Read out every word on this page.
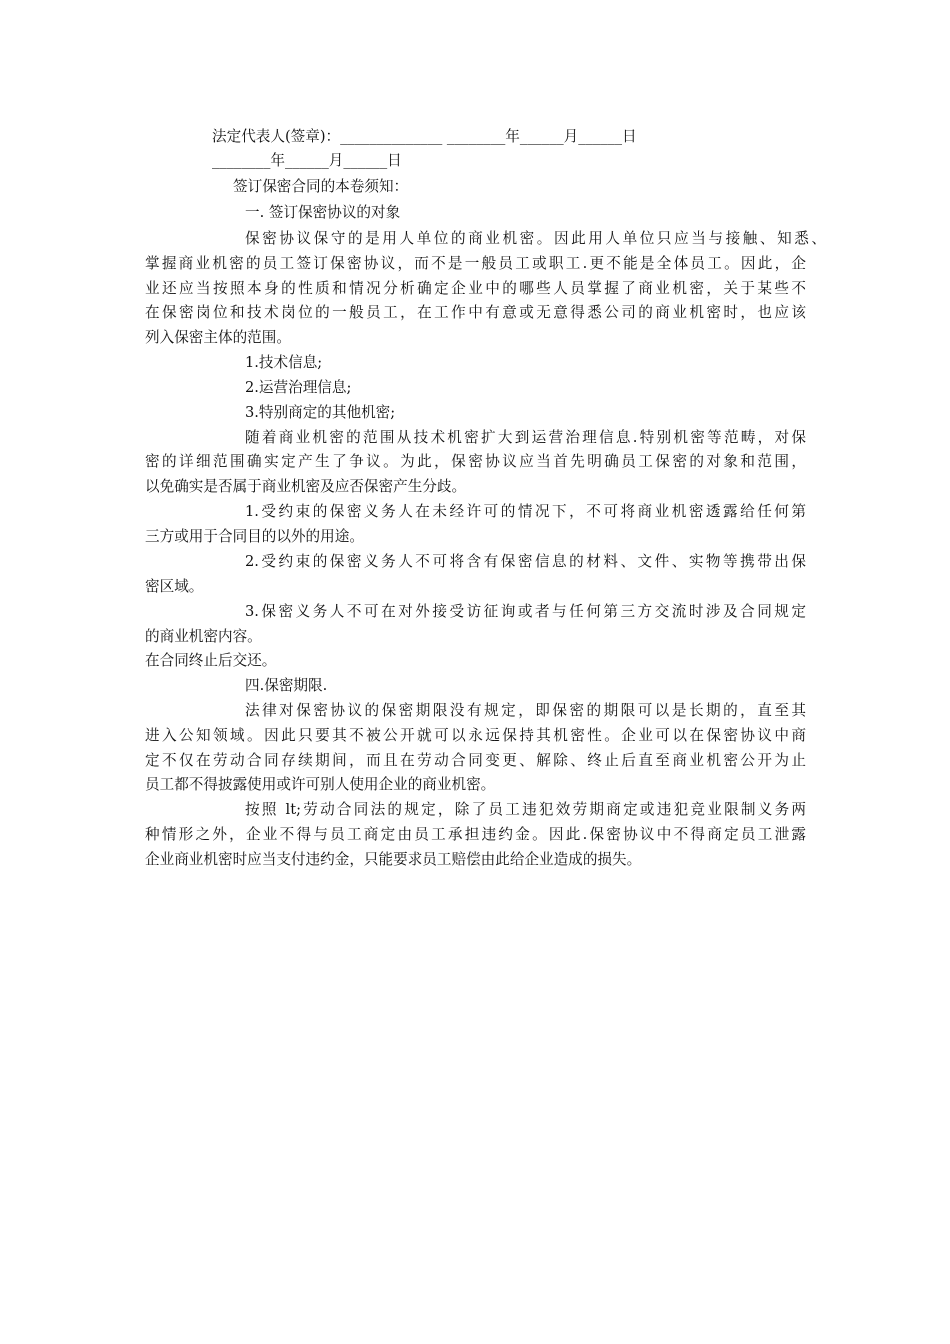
法定代表人(签章)：______________ ________年______月______日
________年______月______日
签订保密合同的本卷须知：
一. 签订保密协议的对象
保密协议保守的是用人单位的商业机密。因此用人单位只应当与接触、知悉、
掌握商业机密的员工签订保密协议，而不是一般员工或职工.更不能是全体员工。因此，企
业还应当按照本身的性质和情况分析确定企业中的哪些人员掌握了商业机密，关于某些不
在保密岗位和技术岗位的一般员工，在工作中有意或无意得悉公司的商业机密时，也应该
列入保密主体的范围。
1.技术信息;
2.运营治理信息;
3.特别商定的其他机密;
随着商业机密的范围从技术机密扩大到运营治理信息.特别机密等范畴，对保
密的详细范围确实定产生了争议。为此，保密协议应当首先明确员工保密的对象和范围，
以免确实是否属于商业机密及应否保密产生分歧。
1.受约束的保密义务人在未经许可的情况下，不可将商业机密透露给任何第
三方或用于合同目的以外的用途。
2.受约束的保密义务人不可将含有保密信息的材料、文件、实物等携带出保
密区域。
3.保密义务人不可在对外接受访征询或者与任何第三方交流时涉及合同规定
的商业机密内容。
在合同终止后交还。
四.保密期限.
法律对保密协议的保密期限没有规定，即保密的期限可以是长期的，直至其
进入公知领域。因此只要其不被公开就可以永远保持其机密性。企业可以在保密协议中商
定不仅在劳动合同存续期间，而且在劳动合同变更、解除、终止后直至商业机密公开为止
员工都不得披露使用或许可别人使用企业的商业机密。
按照 lt;劳动合同法的规定，除了员工违犯效劳期商定或违犯竞业限制义务两
种情形之外，企业不得与员工商定由员工承担违约金。因此.保密协议中不得商定员工泄露
企业商业机密时应当支付违约金，只能要求员工赔偿由此给企业造成的损失。
